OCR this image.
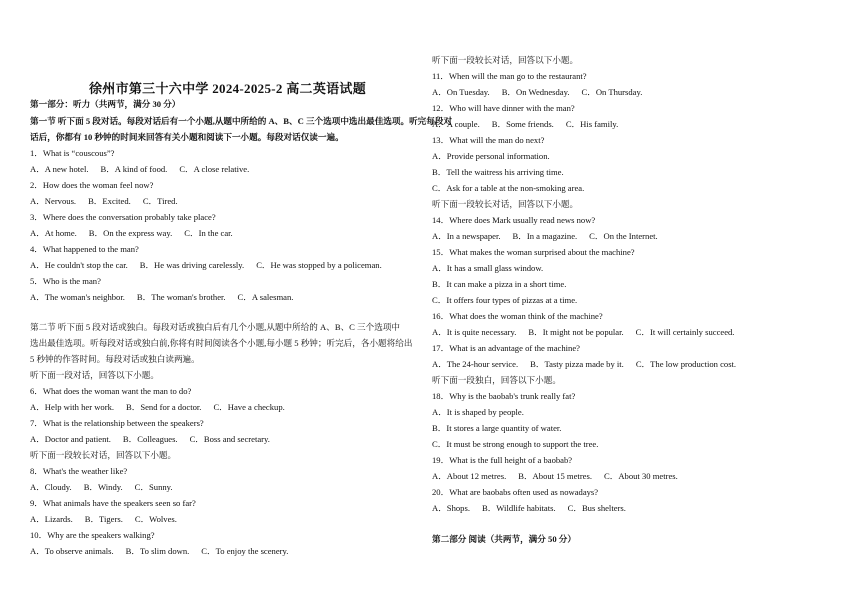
徐州市第三十六中学 2024-2025-2 高二英语试题
第一部分：听力（共两节，满分 30 分）
第一节 听下面 5 段对话。每段对话后有一个小题,从题中所给的 A、B、C 三个选项中选出最佳选项。听完每段对
话后，你都有 10 秒钟的时间来回答有关小题和阅读下一小题。每段对话仅读一遍。
1．What is “couscous”?
A．A new hotel. B．A kind of food. C．A close relative.
2．How does the woman feel now?
A．Nervous. B．Excited. C．Tired.
3．Where does the conversation probably take place?
A．At home. B．On the express way. C．In the car.
4．What happened to the man?
A．He couldn't stop the car. B．He was driving carelessly. C．He was stopped by a policeman.
5．Who is the man?
A．The woman's neighbor. B．The woman's brother. C．A salesman.
第二节 听下面 5 段对话或独白。每段对话或独白后有几个小题,从题中所给的 A、B、C 三个选项中
选出最佳选项。听每段对话或独白前,你将有时间阅读各个小题,每小题 5 秒钟；听完后，各小题将给出
5 秒钟的作答时间。每段对话或独白读两遍。
听下面一段对话，回答以下小题。
6．What does the woman want the man to do?
A．Help with her work. B．Send for a doctor. C．Have a checkup.
7．What is the relationship between the speakers?
A．Doctor and patient. B．Colleagues. C．Boss and secretary.
听下面一段较长对话，回答以下小题。
8．What's the weather like?
A．Cloudy. B．Windy. C．Sunny.
9．What animals have the speakers seen so far?
A．Lizards. B．Tigers. C．Wolves.
10．Why are the speakers walking?
A．To observe animals. B．To slim down. C．To enjoy the scenery.
听下面一段较长对话，回答以下小题。
11．When will the man go to the restaurant?
A．On Tuesday. B．On Wednesday. C．On Thursday.
12．Who will have dinner with the man?
A．A couple. B．Some friends. C．His family.
13．What will the man do next?
A．Provide personal information.
B．Tell the waitress his arriving time.
C．Ask for a table at the non-smoking area.
听下面一段较长对话，回答以下小题。
14．Where does Mark usually read news now?
A．In a newspaper. B．In a magazine. C．On the Internet.
15．What makes the woman surprised about the machine?
A．It has a small glass window.
B．It can make a pizza in a short time.
C．It offers four types of pizzas at a time.
16．What does the woman think of the machine?
A．It is quite necessary. B．It might not be popular. C．It will certainly succeed.
17．What is an advantage of the machine?
A．The 24-hour service. B．Tasty pizza made by it. C．The low production cost.
听下面一段独白，回答以下小题。
18．Why is the baobab's trunk really fat?
A．It is shaped by people.
B．It stores a large quantity of water.
C．It must be strong enough to support the tree.
19．What is the full height of a baobab?
A．About 12 metres. B．About 15 metres. C．About 30 metres.
20．What are baobabs often used as nowadays?
A．Shops. B．Wildlife habitats. C．Bus shelters.
第二部分 阅读（共两节，满分 50 分）
